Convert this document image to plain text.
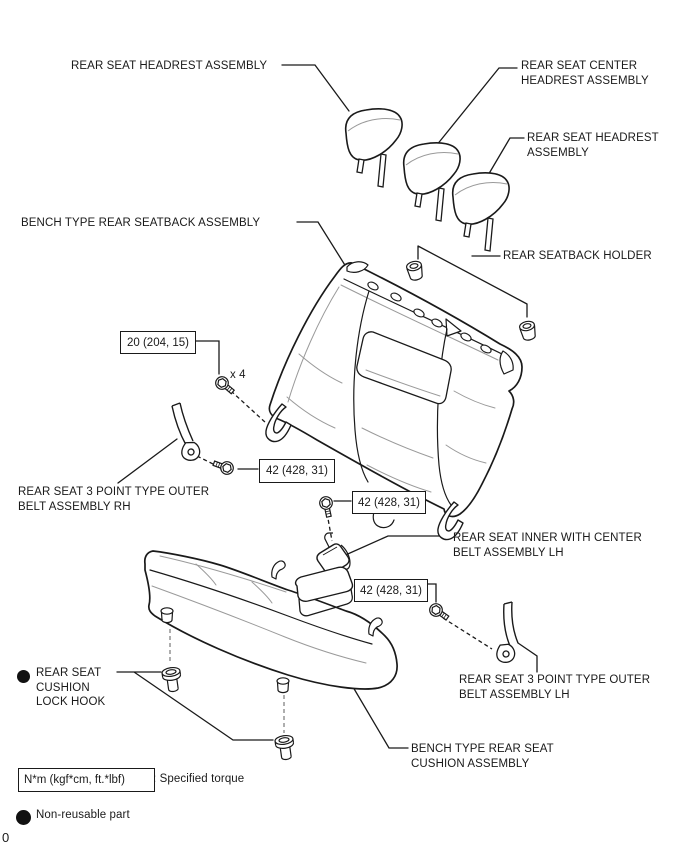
REAR SEAT HEADREST ASSEMBLY	REAR SEAT CENTER
HEADREST ASSEMBLY
REAR SEAT HEADREST
ASSEMBLY
BENCH TYPE REAR SEATBACK ASSEMBLY
REAR SEATBACK HOLDER
20 (204, 15)
x 4
42 (428, 31)
REAR SEAT 3 POINT TYPE OUTER
BELT ASSEMBLY RH	42 (428, 31)
REAR SEAT INNER WITH CENTER
BELT ASSEMBLY LH
42 (428, 31)
REAR SEAT
CUSHION
LOCK HOOK
REAR SEAT 3 POINT TYPE OUTER
BELT ASSEMBLY LH
BENCH TYPE REAR SEAT
CUSHION ASSEMBLY
N*m (kgf*cm, ft.*lbf)	: Specified torque
Non-reusable part
0
